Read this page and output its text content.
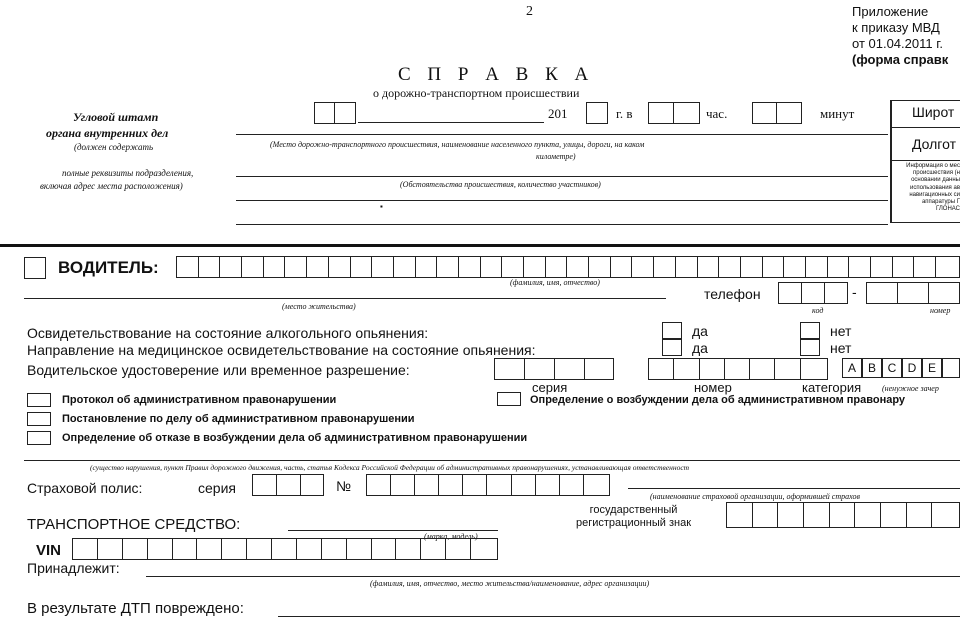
2	Приложение
к приказу МВД
от 01.04.2011 г.
(форма справк
С П Р А В К А
о дорожно-транспортном происшествии
201	г. в	час.	минут
Угловой штамп
органа внутренних дел
(должен содержать
полные реквизиты подразделения,
включая адрес места расположения)
(Место дорожно-транспортного происшествия, наименование населенного пункта, улицы, дороги, на каком
километре)
(Обстоятельства происшествия, количество участников)
▪
Широт
Долгот
Информация о мес
происшествия (н
основании данны
использования ав
навигационных си
аппаратуры Г
ГЛОНАС
ВОДИТЕЛЬ:
(фамилия, имя, отчество)
(место жительства)
телефон	-
код	номер
Освидетельствование на состояние алкогольного опьянения:
Направление на медицинское освидетельствование на состояние опьянения:
да
да
нет
нет
Водительское удостоверение или временное разрешение:
серия	номер	категория	(ненужное зачер
A B C D E
Протокол об административном правонарушении	Определение о возбуждении дела об административном правонару
Постановление по делу об административном правонарушении
Определение об отказе в возбуждении дела об административном правонарушении
(существо нарушения, пункт Правил дорожного движения, часть, статья Кодекса Российской Федерации об административных правонарушениях, устанавливающая ответственност
Страховой полис:	серия	№
(наименование страховой организации, оформившей страхов
ТРАНСПОРТНОЕ СРЕДСТВО:
(марка, модель)
государственный
регистрационный знак
VIN
Принадлежит:
(фамилия, имя, отчество, место жительства/наименование, адрес организации)
В результате ДТП повреждено:
